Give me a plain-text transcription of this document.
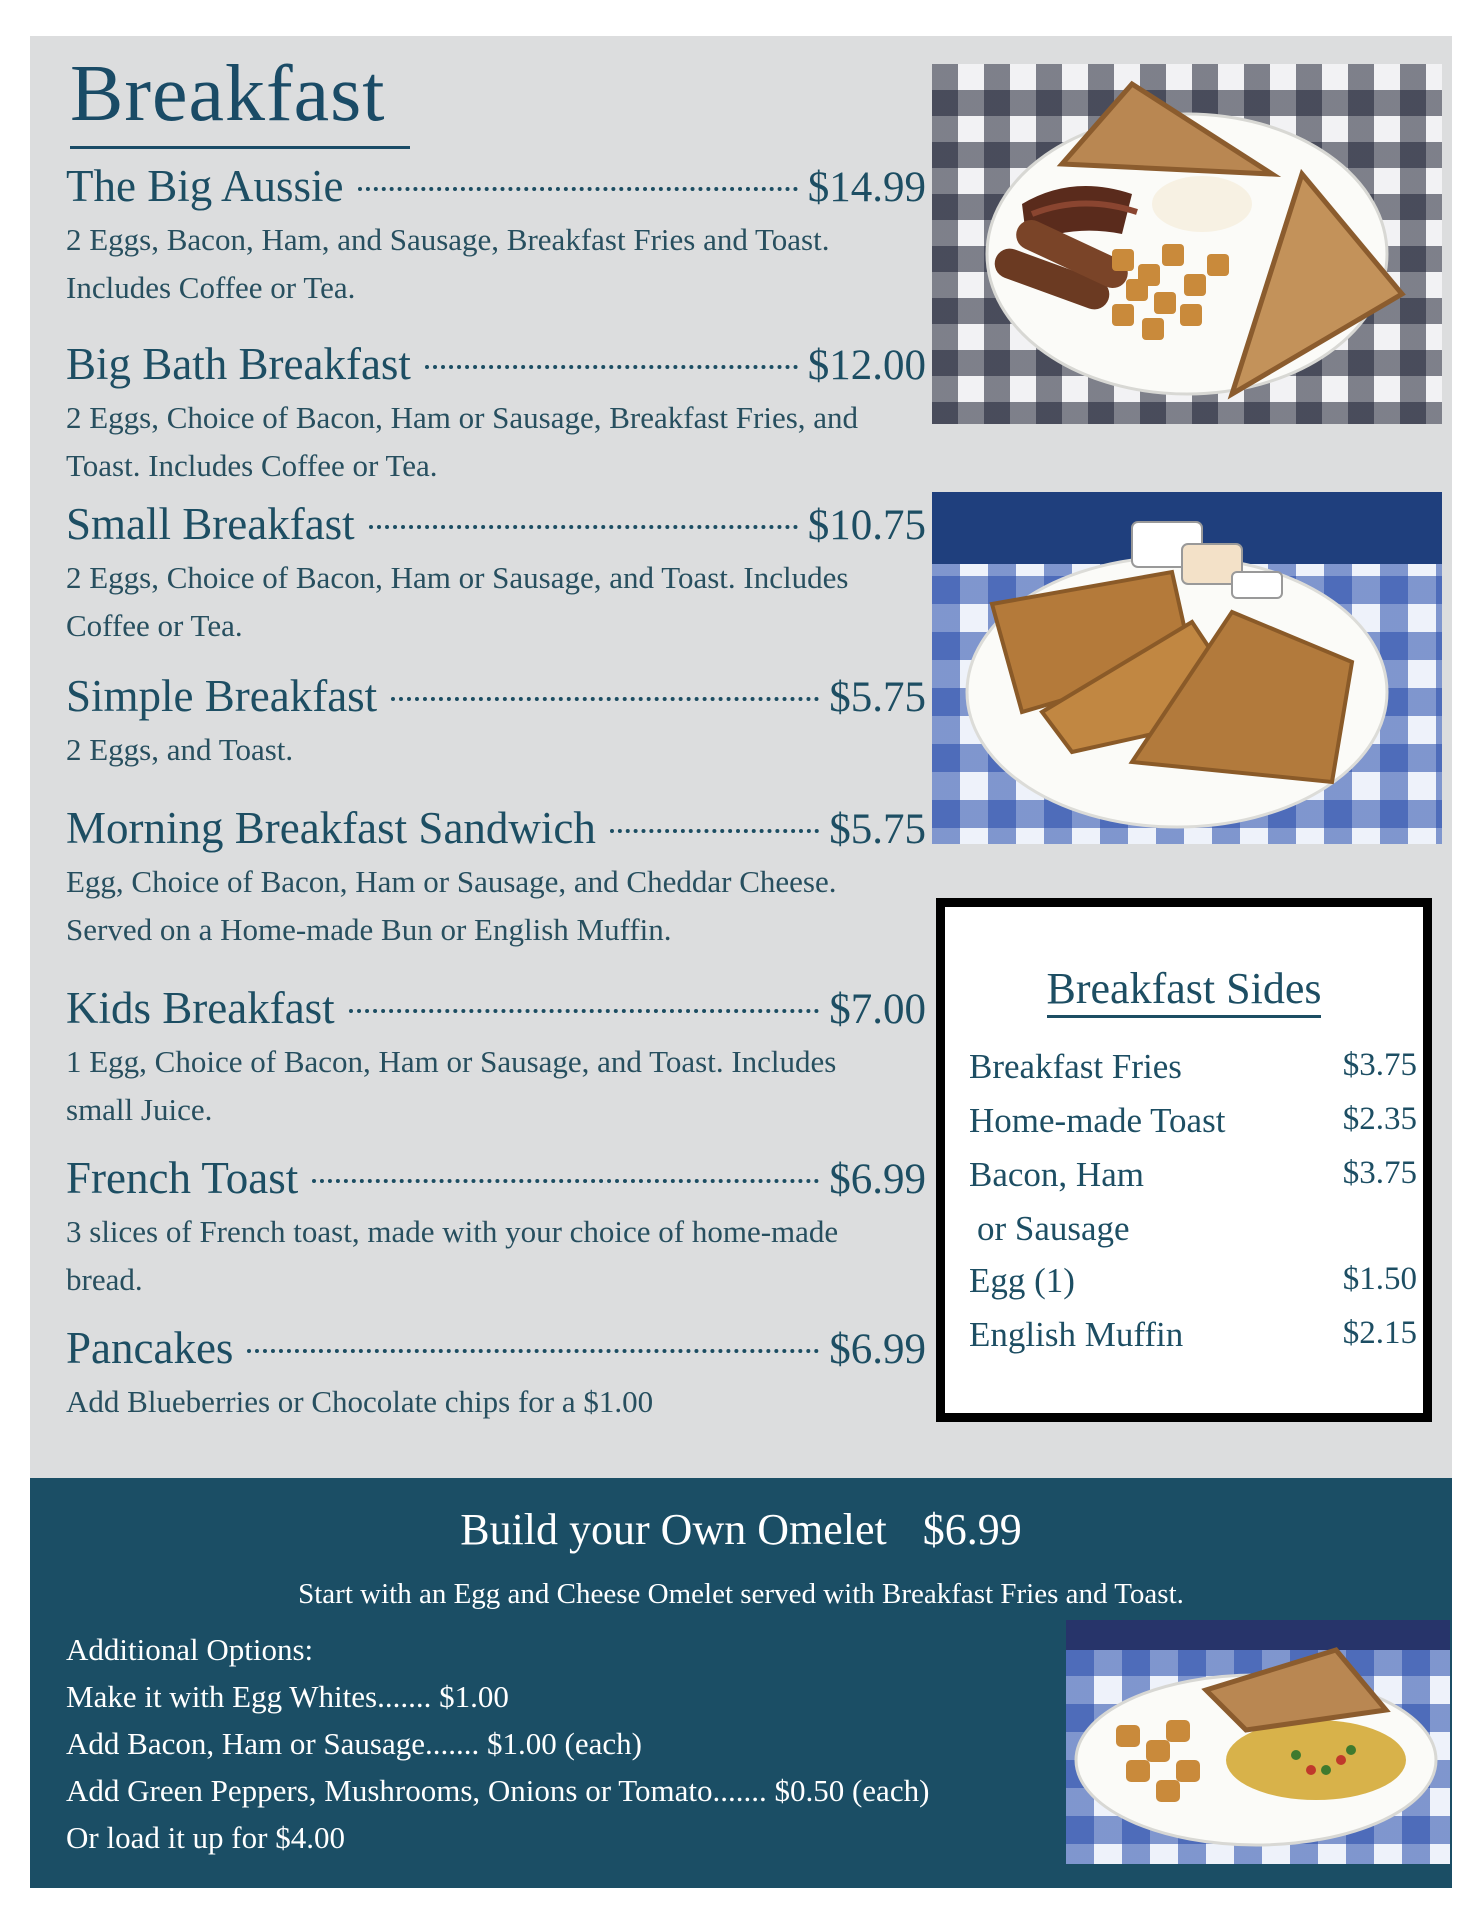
Breakfast
The Big Aussie	$14.99
2 Eggs, Bacon, Ham, and Sausage, Breakfast Fries and Toast. Includes Coffee or Tea.
Big Bath Breakfast	$12.00
2 Eggs, Choice of Bacon, Ham or Sausage, Breakfast Fries, and Toast. Includes Coffee or Tea.
Small Breakfast	$10.75
2 Eggs, Choice of Bacon, Ham or Sausage, and Toast. Includes Coffee or Tea.
Simple Breakfast	$5.75
2 Eggs, and Toast.
Morning Breakfast Sandwich	$5.75
Egg, Choice of Bacon, Ham or Sausage, and Cheddar Cheese. Served on a Home-made Bun or English Muffin.
Kids Breakfast	$7.00
1 Egg, Choice of Bacon, Ham or Sausage, and Toast. Includes small Juice.
French Toast	$6.99
3 slices of French toast, made with your choice of home-made bread.
Pancakes	$6.99
Add Blueberries or Chocolate chips for a $1.00
Breakfast Sides
Breakfast Fries	$3.75
Home-made Toast	$2.35
Bacon, Ham	$3.75
or Sausage
Egg (1)	$1.50
English Muffin	$2.15
Build your Own Omelet $6.99
Start with an Egg and Cheese Omelet served with Breakfast Fries and Toast.
Additional Options:
Make it with Egg Whites....... $1.00
Add Bacon, Ham or Sausage....... $1.00 (each)
Add Green Peppers, Mushrooms, Onions or Tomato....... $0.50 (each)
Or load it up for $4.00
